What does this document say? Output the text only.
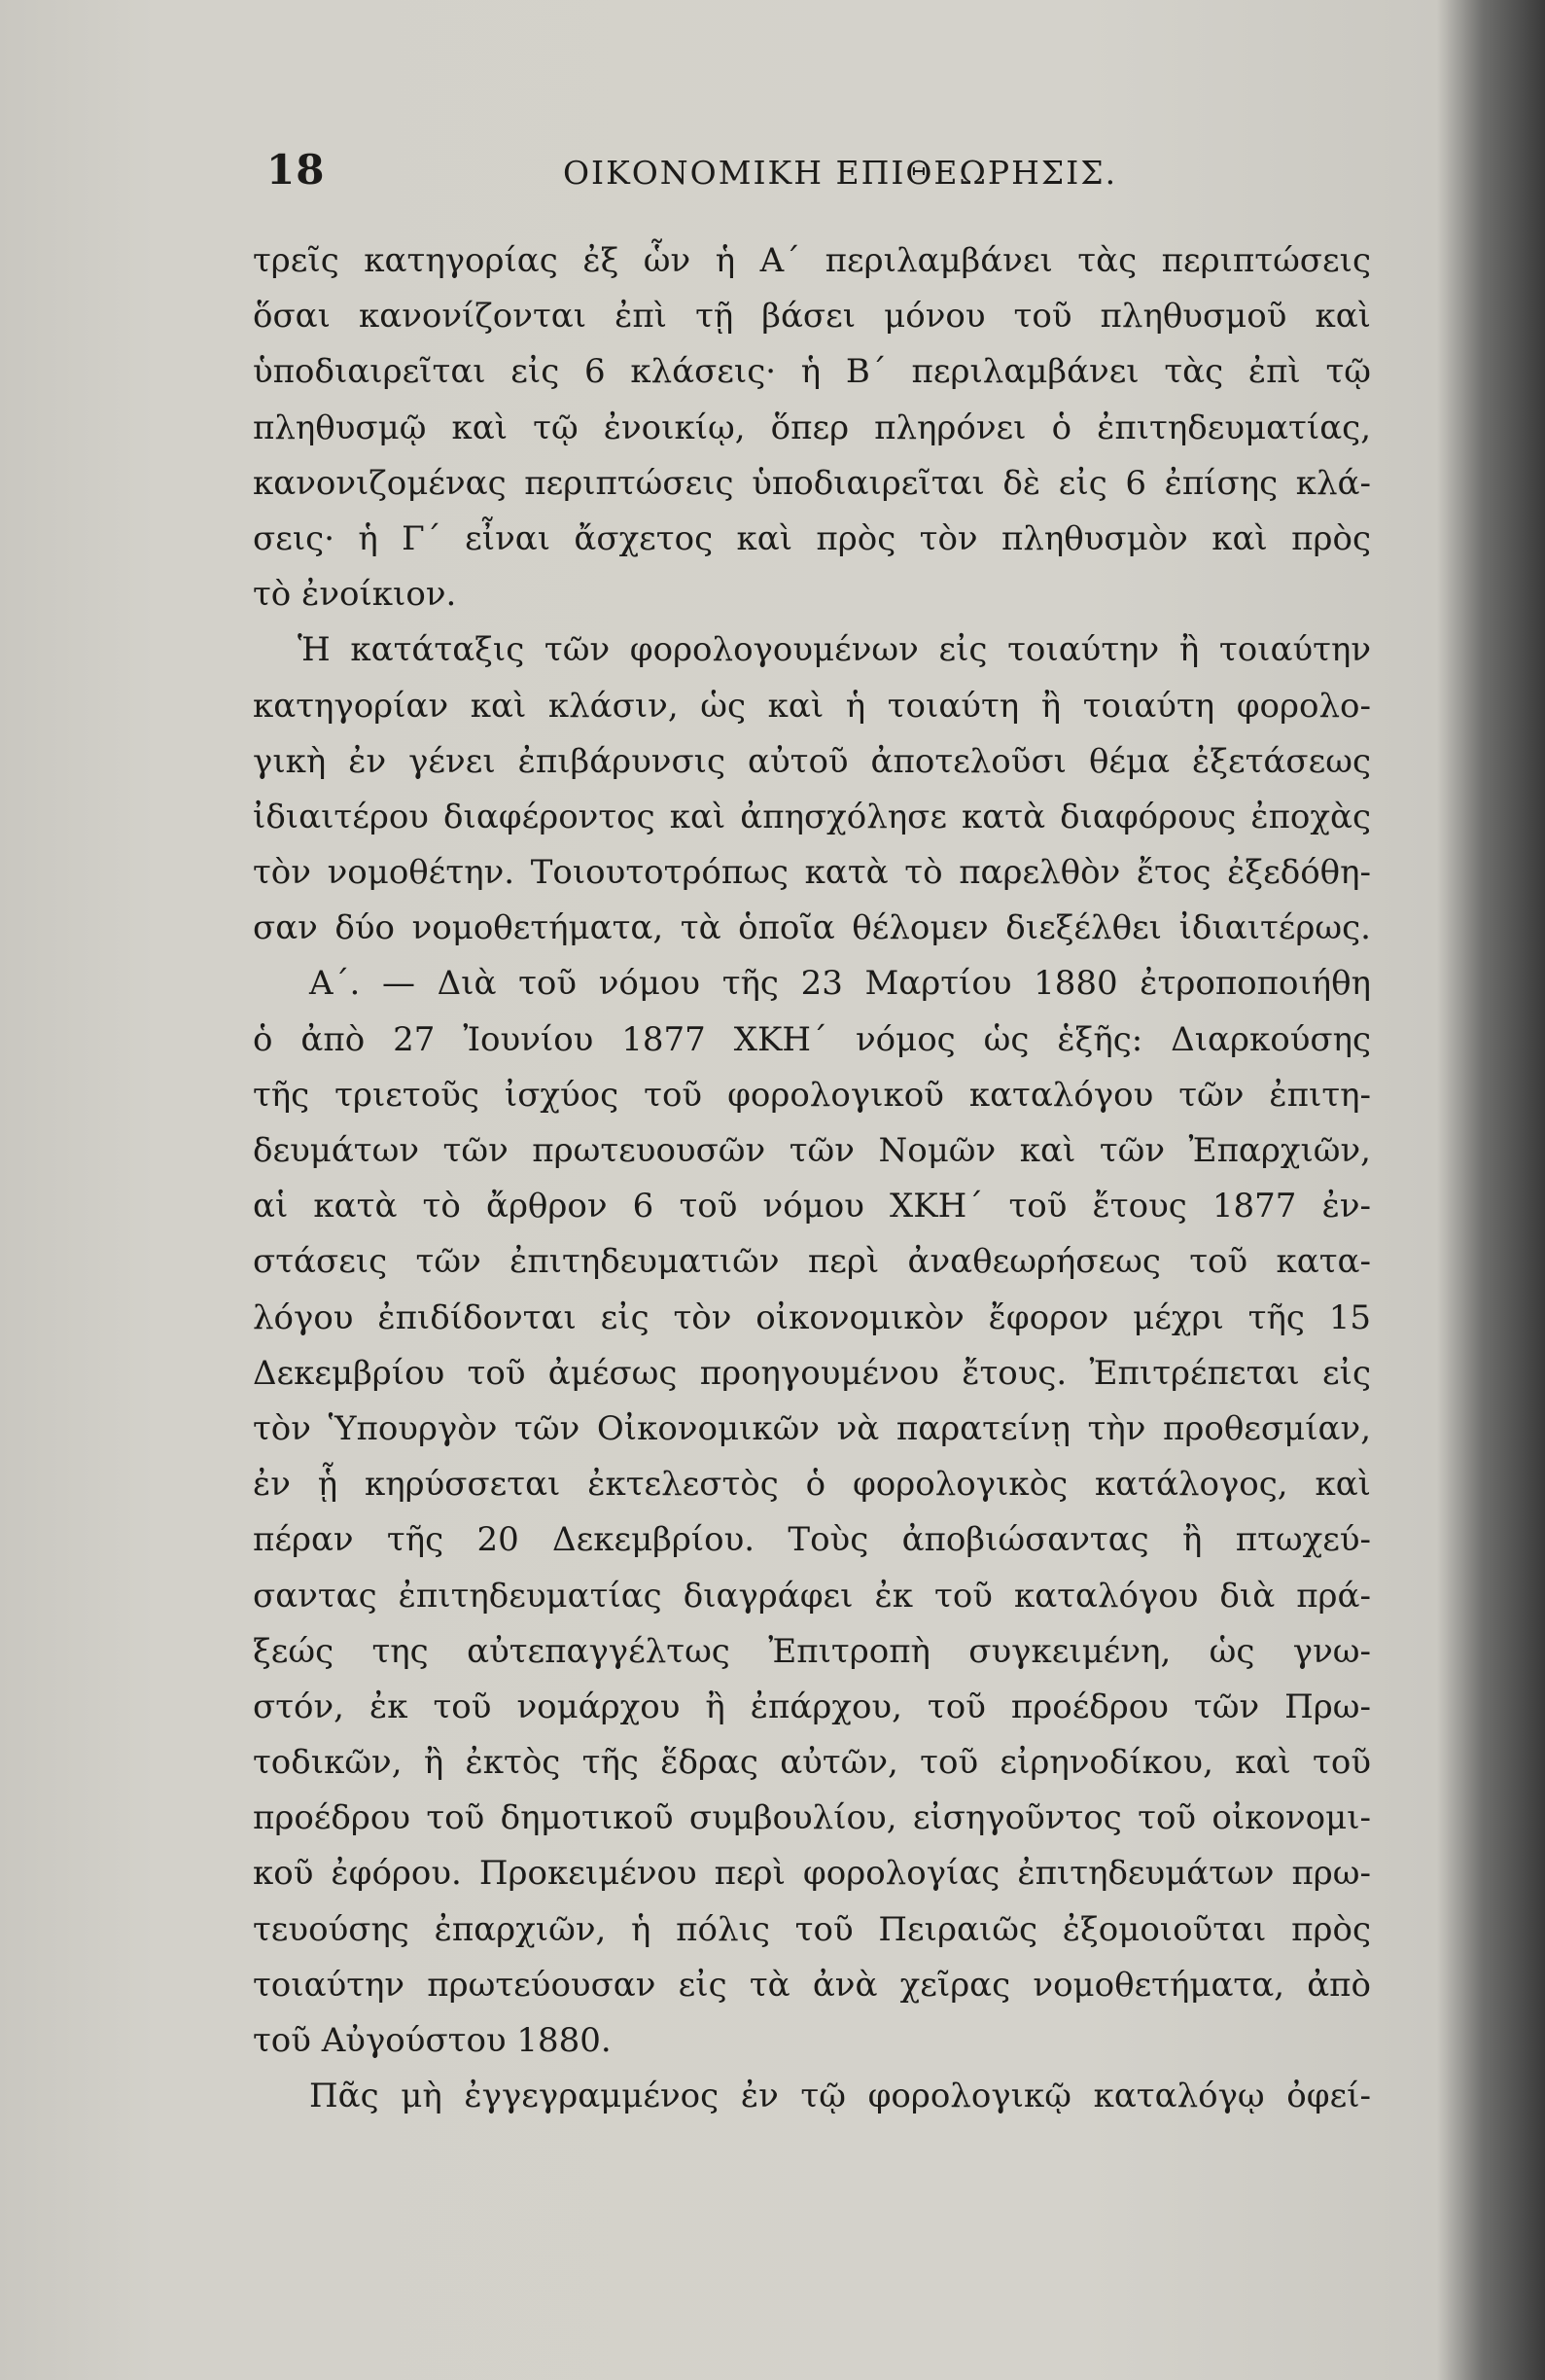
18	ΟΙΚΟΝΟΜΙΚΗ ΕΠΙΘΕΩΡΗΣΙΣ.
τρεῖς κατηγορίας ἐξ ὧν ἡ Α΄ περιλαμβάνει τὰς περιπτώσεις
ὅσαι κανονίζονται ἐπὶ τῇ βάσει μόνου τοῦ πληθυσμοῦ καὶ
ὑποδιαιρεῖται εἰς 6 κλάσεις· ἡ Β΄ περιλαμβάνει τὰς ἐπὶ τῷ
πληθυσμῷ καὶ τῷ ἐνοικίῳ, ὅπερ πληρόνει ὁ ἐπιτηδευματίας,
κανονιζομένας περιπτώσεις ὑποδιαιρεῖται δὲ εἰς 6 ἐπίσης κλά-
σεις· ἡ Γ΄ εἶναι ἄσχετος καὶ πρὸς τὸν πληθυσμὸν καὶ πρὸς
τὸ ἐνοίκιον.
Ἡ κατάταξις τῶν φορολογουμένων εἰς τοιαύτην ἢ τοιαύτην
κατηγορίαν καὶ κλάσιν, ὡς καὶ ἡ τοιαύτη ἢ τοιαύτη φορολο-
γικὴ ἐν γένει ἐπιβάρυνσις αὐτοῦ ἀποτελοῦσι θέμα ἐξετάσεως
ἰδιαιτέρου διαφέροντος καὶ ἀπησχόλησε κατὰ διαφόρους ἐποχὰς
τὸν νομοθέτην. Τοιουτοτρόπως κατὰ τὸ παρελθὸν ἔτος ἐξεδόθη-
σαν δύο νομοθετήματα, τὰ ὁποῖα θέλομεν διεξέλθει ἰδιαιτέρως.
Α΄. — Διὰ τοῦ νόμου τῆς 23 Μαρτίου 1880 ἐτροποποιήθη
ὁ ἀπὸ 27 Ἰουνίου 1877 ΧΚΗ΄ νόμος ὡς ἑξῆς: Διαρκούσης
τῆς τριετοῦς ἰσχύος τοῦ φορολογικοῦ καταλόγου τῶν ἐπιτη-
δευμάτων τῶν πρωτευουσῶν τῶν Νομῶν καὶ τῶν Ἐπαρχιῶν,
αἱ κατὰ τὸ ἄρθρον 6 τοῦ νόμου ΧΚΗ΄ τοῦ ἔτους 1877 ἐν-
στάσεις τῶν ἐπιτηδευματιῶν περὶ ἀναθεωρήσεως τοῦ κατα-
λόγου ἐπιδίδονται εἰς τὸν οἰκονομικὸν ἔφορον μέχρι τῆς 15
Δεκεμβρίου τοῦ ἀμέσως προηγουμένου ἔτους. Ἐπιτρέπεται εἰς
τὸν Ὑπουργὸν τῶν Οἰκονομικῶν νὰ παρατείνῃ τὴν προθεσμίαν,
ἐν ᾗ κηρύσσεται ἐκτελεστὸς ὁ φορολογικὸς κατάλογος, καὶ
πέραν τῆς 20 Δεκεμβρίου. Τοὺς ἀποβιώσαντας ἢ πτωχεύ-
σαντας ἐπιτηδευματίας διαγράφει ἐκ τοῦ καταλόγου διὰ πρά-
ξεώς της αὐτεπαγγέλτως Ἐπιτροπὴ συγκειμένη, ὡς γνω-
στόν, ἐκ τοῦ νομάρχου ἢ ἐπάρχου, τοῦ προέδρου τῶν Πρω-
τοδικῶν, ἢ ἐκτὸς τῆς ἕδρας αὐτῶν, τοῦ εἰρηνοδίκου, καὶ τοῦ
προέδρου τοῦ δημοτικοῦ συμβουλίου, εἰσηγοῦντος τοῦ οἰκονομι-
κοῦ ἐφόρου. Προκειμένου περὶ φορολογίας ἐπιτηδευμάτων πρω-
τευούσης ἐπαρχιῶν, ἡ πόλις τοῦ Πειραιῶς ἐξομοιοῦται πρὸς
τοιαύτην πρωτεύουσαν εἰς τὰ ἀνὰ χεῖρας νομοθετήματα, ἀπὸ
τοῦ Αὐγούστου 1880.
Πᾶς μὴ ἐγγεγραμμένος ἐν τῷ φορολογικῷ καταλόγῳ ὀφεί-
